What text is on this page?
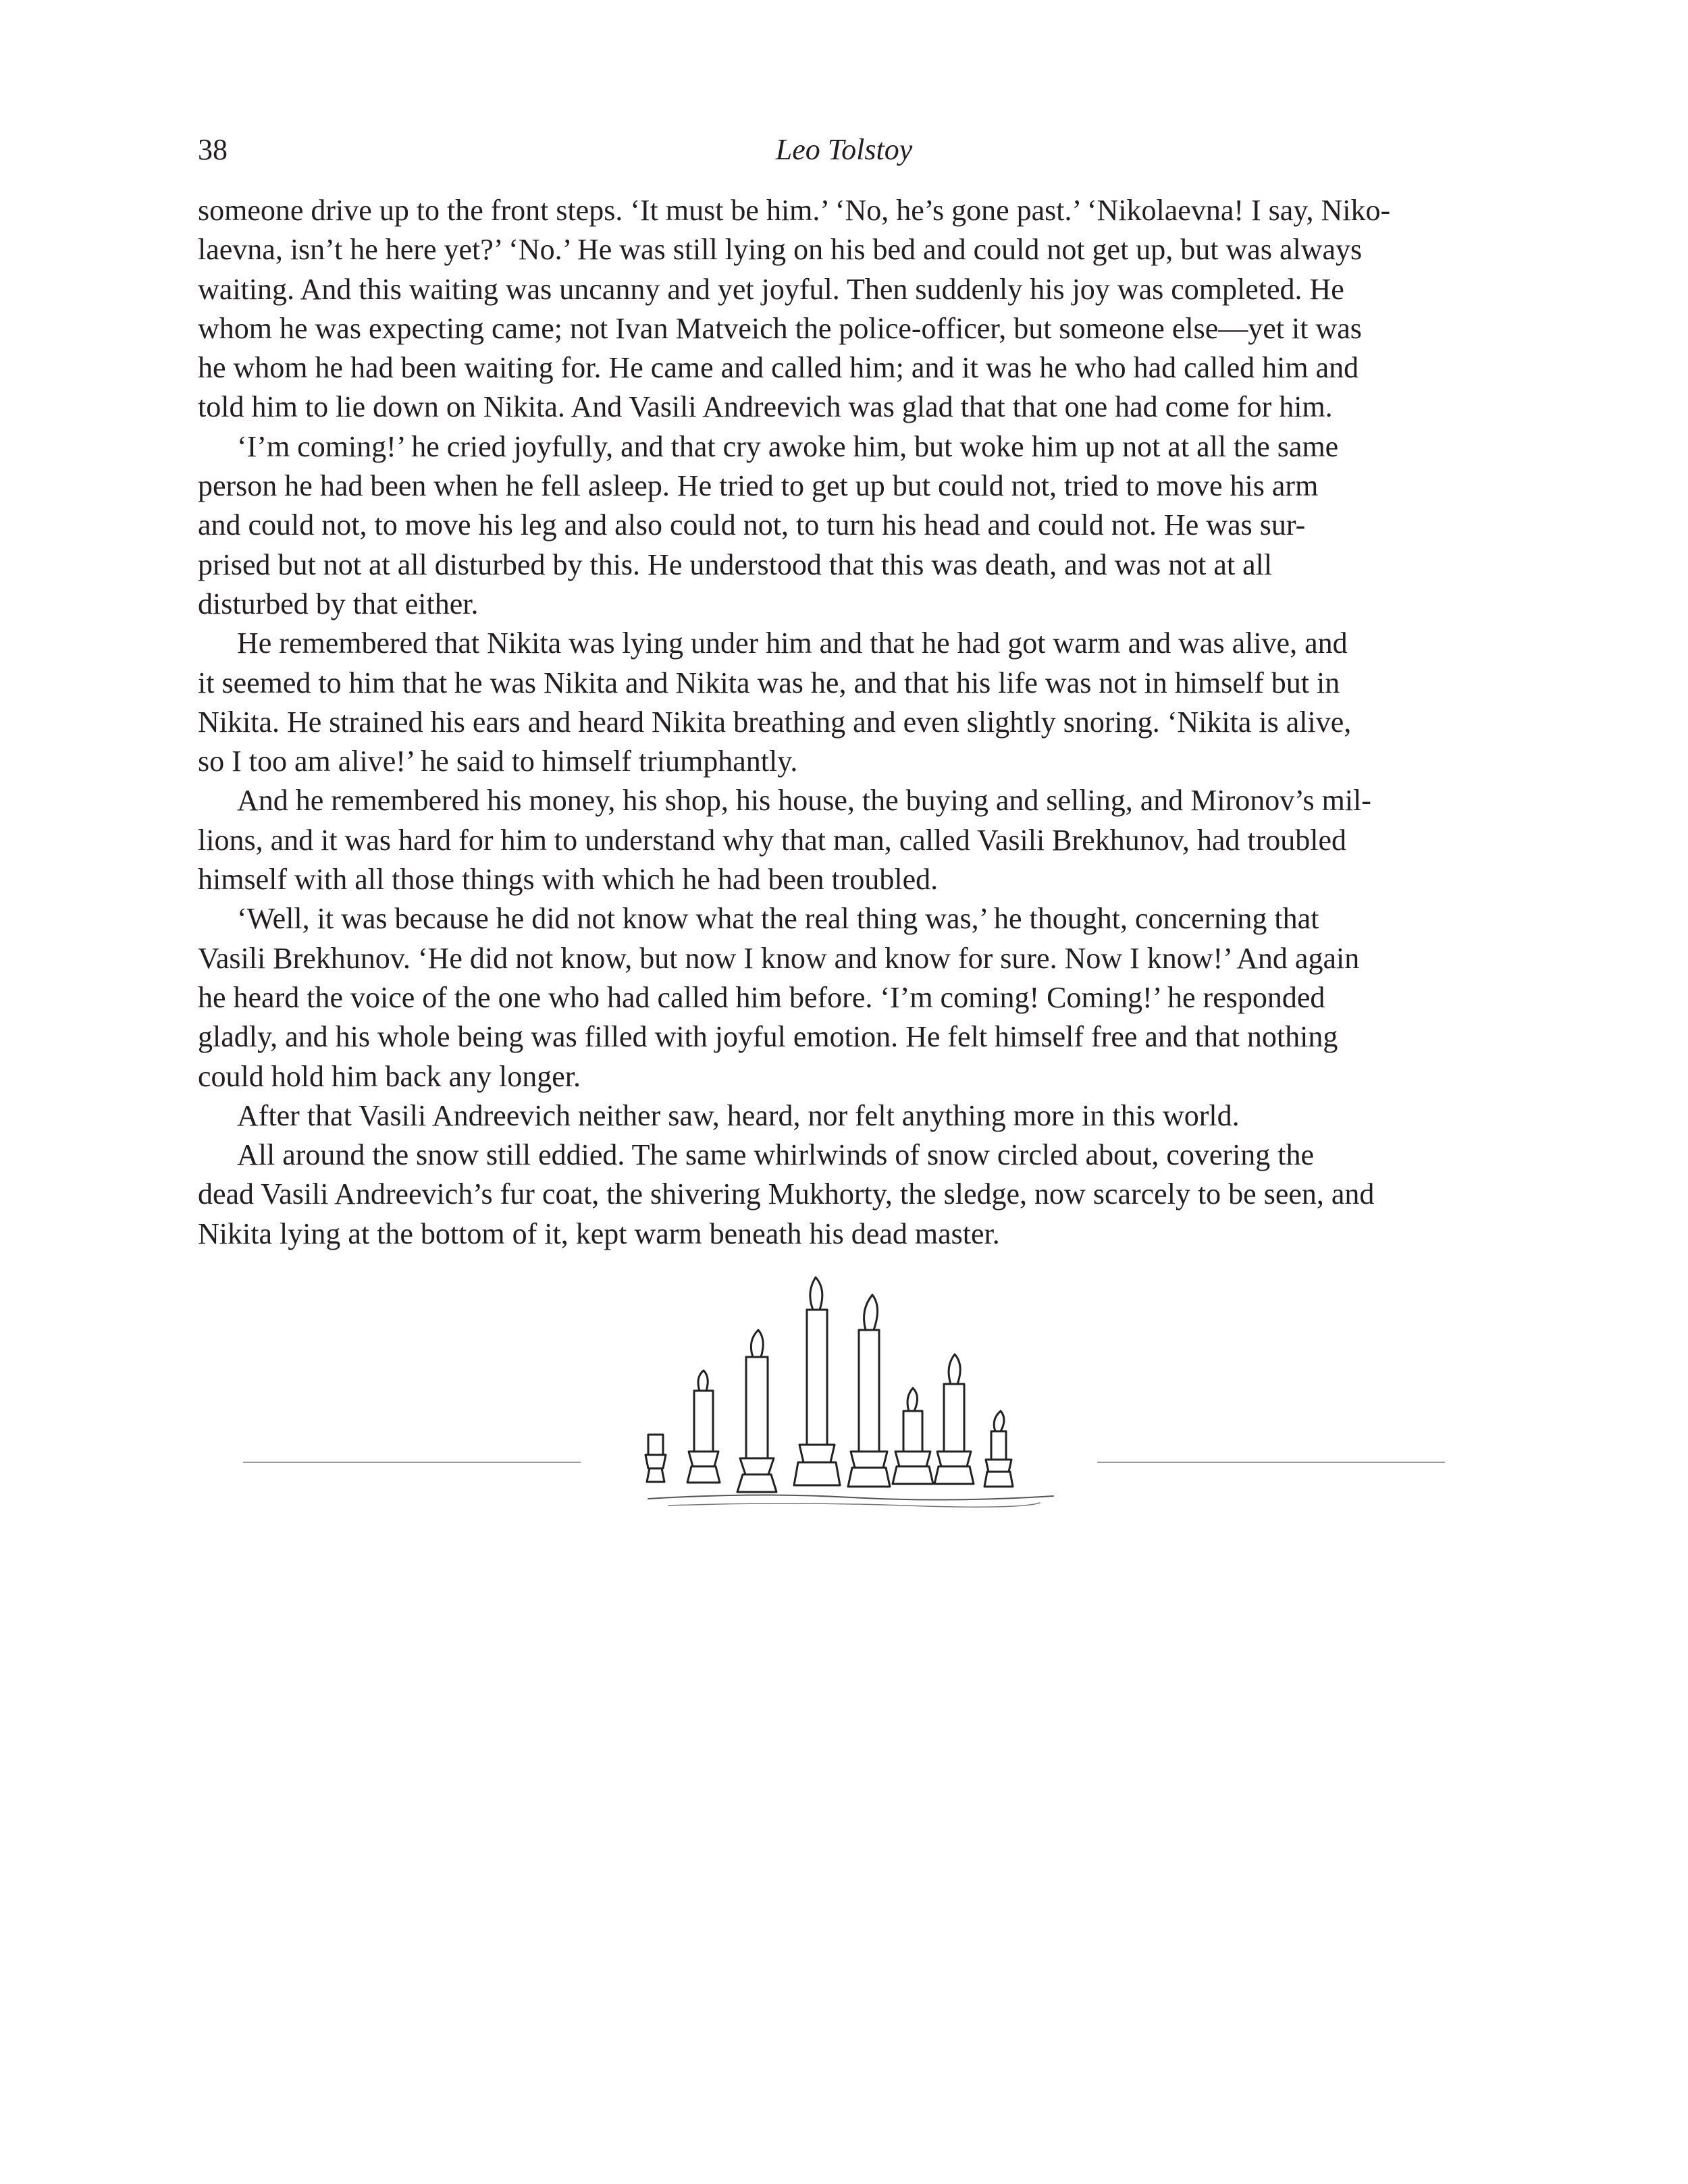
38	Leo Tolstoy
someone drive up to the front steps. ‘It must be him.’ ‘No, he’s gone past.’ ‘Nikolaevna! I say, Niko-
laevna, isn’t he here yet?’ ‘No.’ He was still lying on his bed and could not get up, but was always
waiting. And this waiting was uncanny and yet joyful. Then suddenly his joy was completed. He
whom he was expecting came; not Ivan Matveich the police-officer, but someone else—yet it was
he whom he had been waiting for. He came and called him; and it was he who had called him and
told him to lie down on Nikita. And Vasili Andreevich was glad that that one had come for him.
‘I’m coming!’ he cried joyfully, and that cry awoke him, but woke him up not at all the same
person he had been when he fell asleep. He tried to get up but could not, tried to move his arm
and could not, to move his leg and also could not, to turn his head and could not. He was sur-
prised but not at all disturbed by this. He understood that this was death, and was not at all
disturbed by that either.
He remembered that Nikita was lying under him and that he had got warm and was alive, and
it seemed to him that he was Nikita and Nikita was he, and that his life was not in himself but in
Nikita. He strained his ears and heard Nikita breathing and even slightly snoring. ‘Nikita is alive,
so I too am alive!’ he said to himself triumphantly.
And he remembered his money, his shop, his house, the buying and selling, and Mironov’s mil-
lions, and it was hard for him to understand why that man, called Vasili Brekhunov, had troubled
himself with all those things with which he had been troubled.
‘Well, it was because he did not know what the real thing was,’ he thought, concerning that
Vasili Brekhunov. ‘He did not know, but now I know and know for sure. Now I know!’ And again
he heard the voice of the one who had called him before. ‘I’m coming! Coming!’ he responded
gladly, and his whole being was filled with joyful emotion. He felt himself free and that nothing
could hold him back any longer.
After that Vasili Andreevich neither saw, heard, nor felt anything more in this world.
All around the snow still eddied. The same whirlwinds of snow circled about, covering the
dead Vasili Andreevich’s fur coat, the shivering Mukhorty, the sledge, now scarcely to be seen, and
Nikita lying at the bottom of it, kept warm beneath his dead master.
